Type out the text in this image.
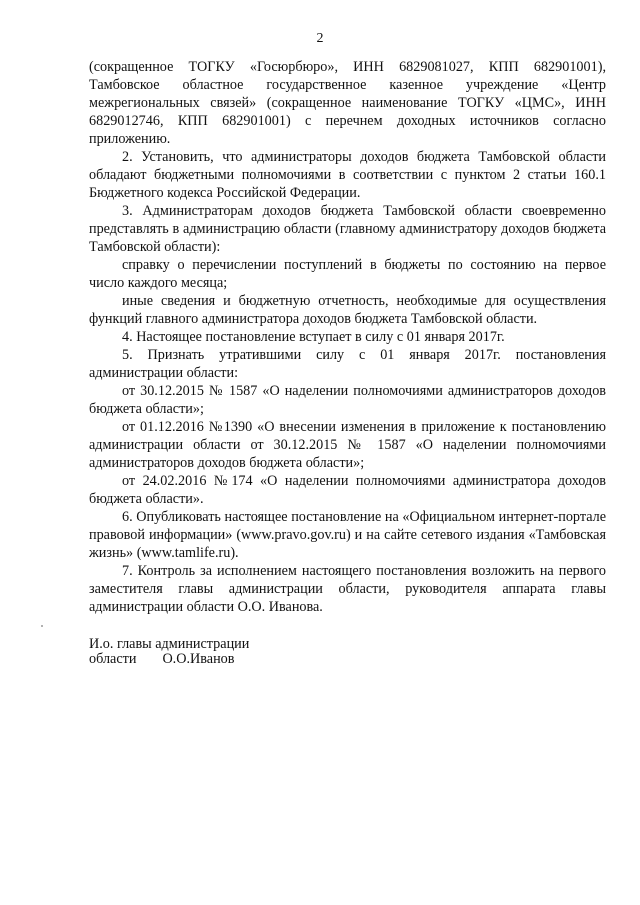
2

(сокращенное ТОГКУ «Госюрбюро», ИНН 6829081027, КПП 682901001), Тамбовское областное государственное казенное учреждение «Центр межрегиональных связей» (сокращенное наименование ТОГКУ «ЦМС», ИНН 6829012746, КПП 682901001) с перечнем доходных источников согласно приложению.

2. Установить, что администраторы доходов бюджета Тамбовской области обладают бюджетными полномочиями в соответствии с пунктом 2 статьи 160.1 Бюджетного кодекса Российской Федерации.

3. Администраторам доходов бюджета Тамбовской области своевременно представлять в администрацию области (главному администратору доходов бюджета Тамбовской области):

справку о перечислении поступлений в бюджеты по состоянию на первое число каждого месяца;

иные сведения и бюджетную отчетность, необходимые для осуществления функций главного администратора доходов бюджета Тамбовской области.

4. Настоящее постановление вступает в силу с 01 января 2017г.

5. Признать утратившими силу с 01 января 2017г. постановления администрации области:

от 30.12.2015 № 1587 «О наделении полномочиями администраторов доходов бюджета области»;

от 01.12.2016 №1390 «О внесении изменения в приложение к постановлению администрации области от 30.12.2015 № 1587 «О наделении полномочиями администраторов доходов бюджета области»;

от 24.02.2016 №174 «О наделении полномочиями администратора доходов бюджета области».

6. Опубликовать настоящее постановление на «Официальном интернет-портале правовой информации» (www.pravo.gov.ru) и на сайте сетевого издания «Тамбовская жизнь» (www.tamlife.ru).

7. Контроль за исполнением настоящего постановления возложить на первого заместителя главы администрации области, руководителя аппарата главы администрации области О.О. Иванова.

И.о. главы администрации

области О.О.Иванов
